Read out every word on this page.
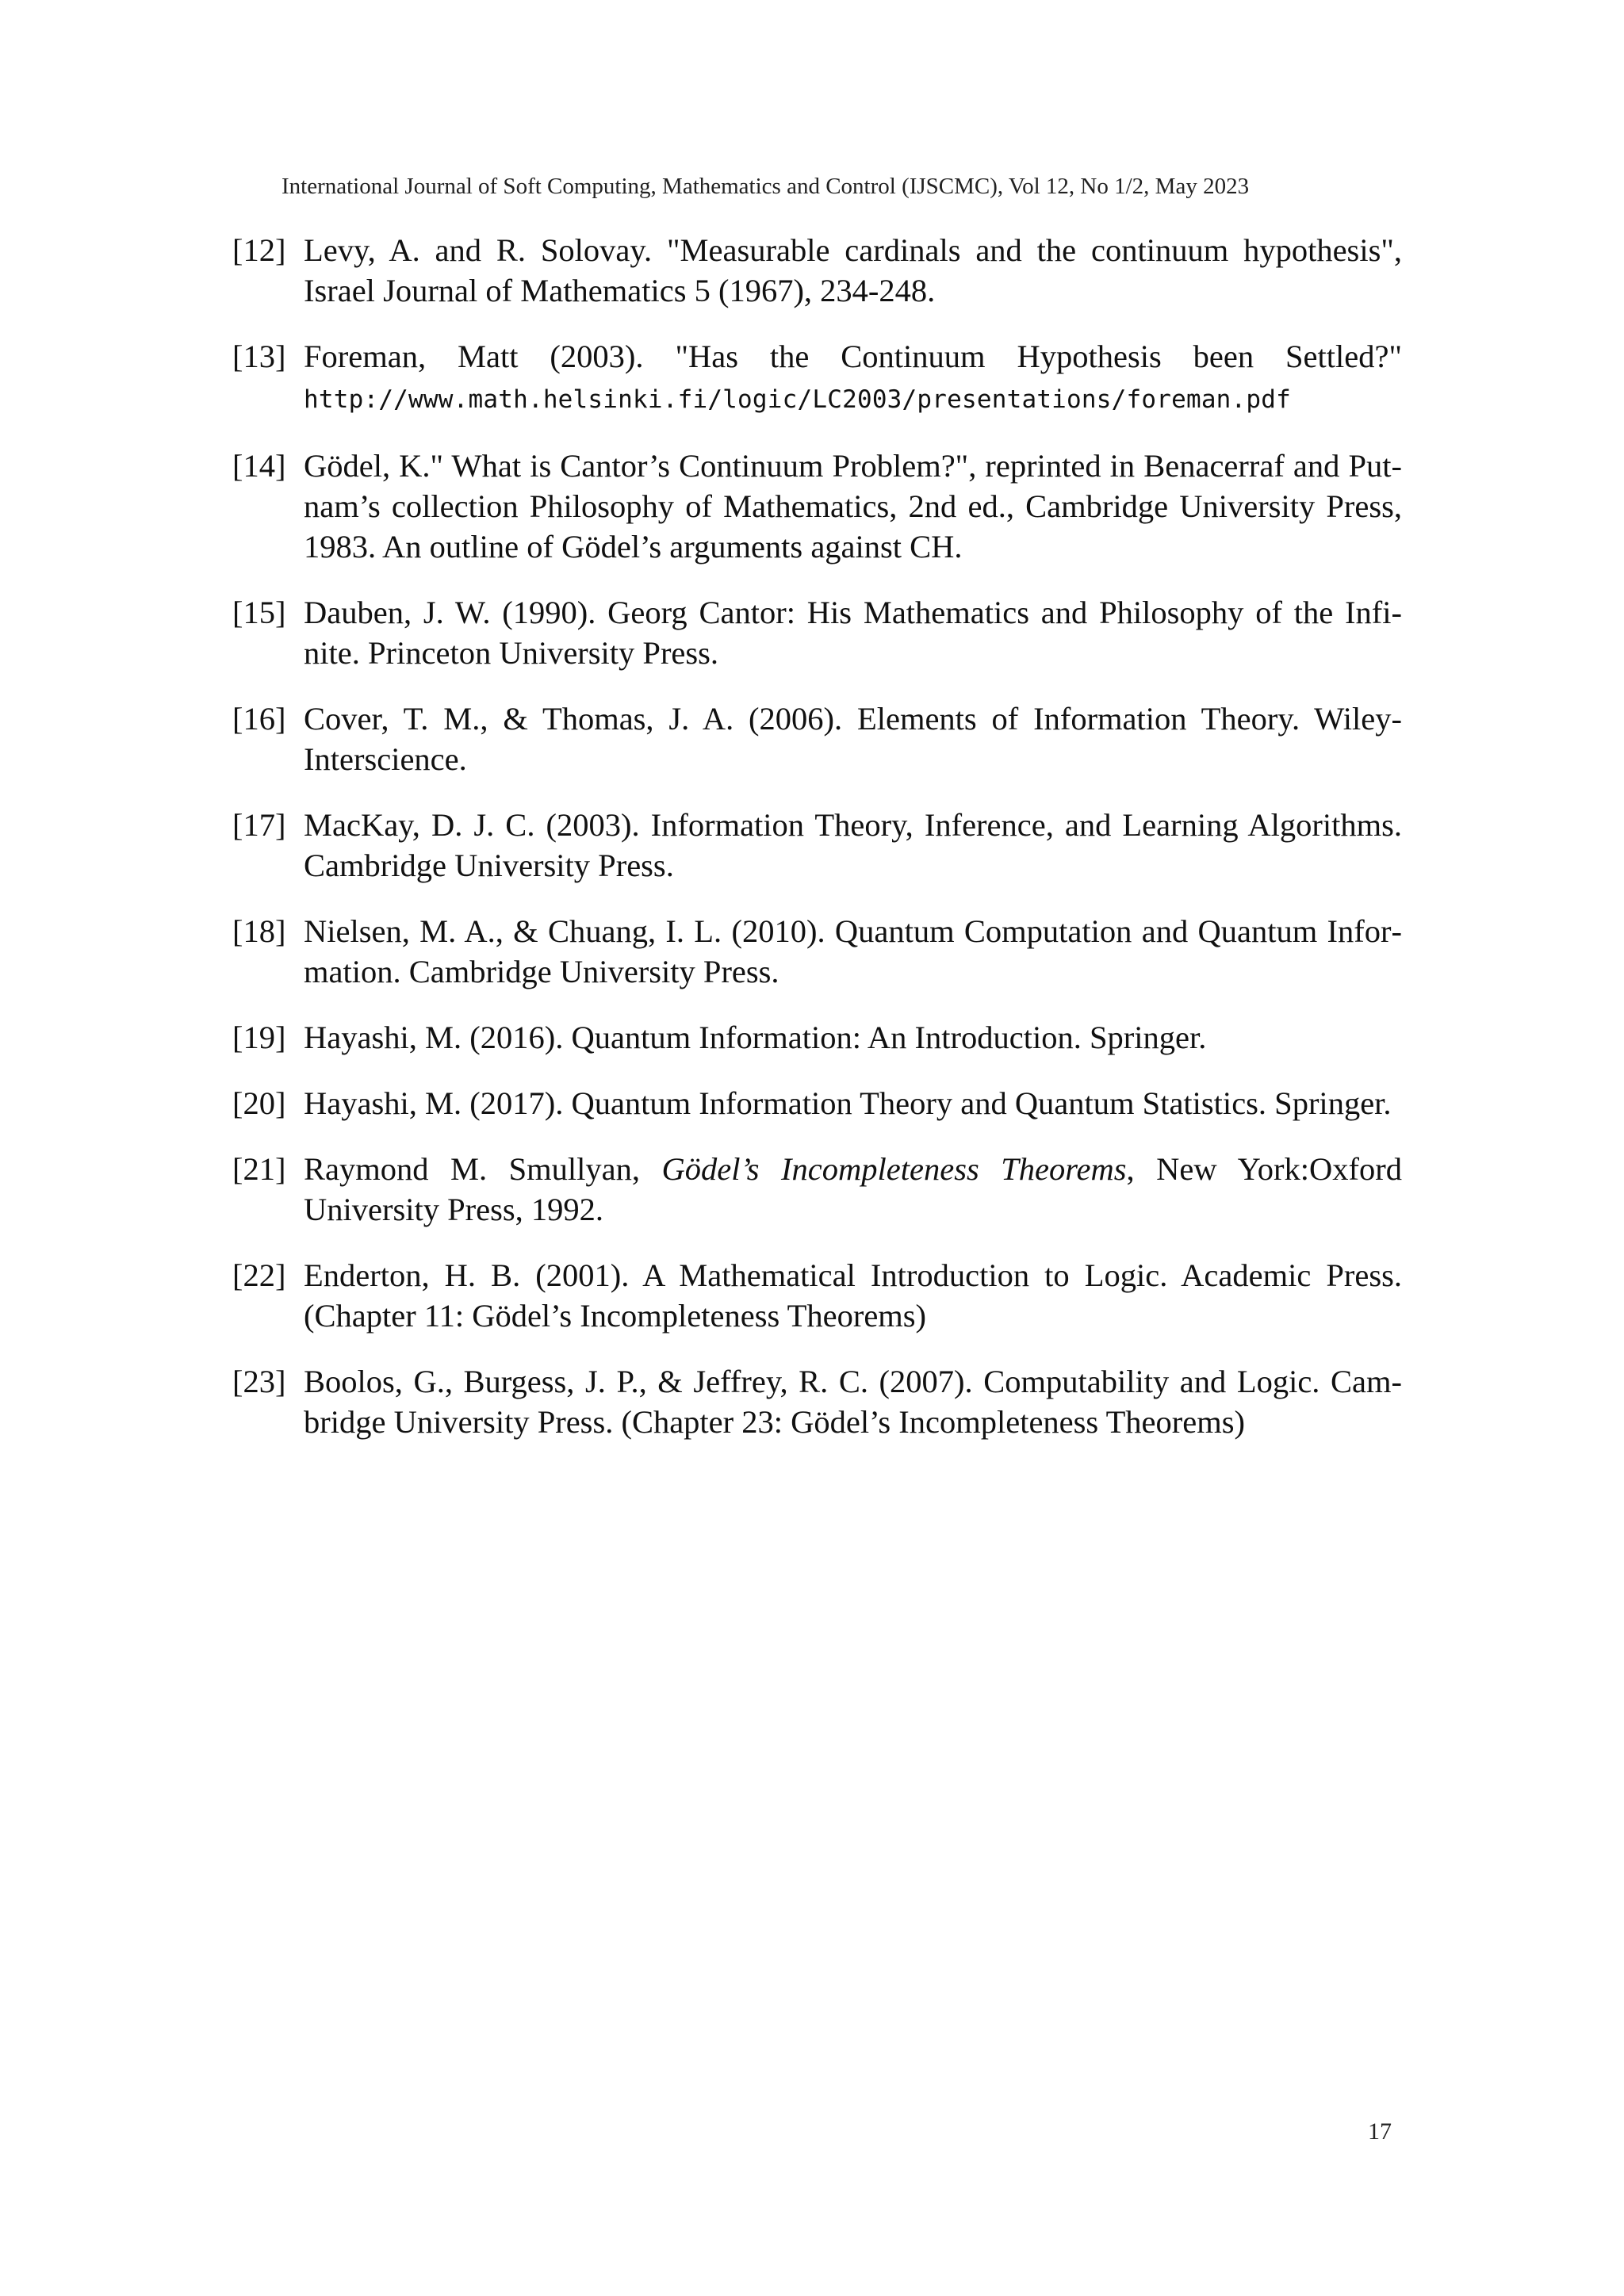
International Journal of Soft Computing, Mathematics and Control (IJSCMC), Vol 12, No 1/2, May 2023
[12] Levy, A. and R. Solovay. "Measurable cardinals and the continuum hypothesis", Israel Journal of Mathematics 5 (1967), 234-248.
[13] Foreman, Matt (2003). "Has the Continuum Hypothesis been Settled?" http://www.math.helsinki.fi/logic/LC2003/presentations/foreman.pdf
[14] Gödel, K." What is Cantor’s Continuum Problem?", reprinted in Benacerraf and Putnam’s collection Philosophy of Mathematics, 2nd ed., Cambridge University Press, 1983. An outline of Gödel’s arguments against CH.
[15] Dauben, J. W. (1990). Georg Cantor: His Mathematics and Philosophy of the Infinite. Princeton University Press.
[16] Cover, T. M., & Thomas, J. A. (2006). Elements of Information Theory. Wiley-Interscience.
[17] MacKay, D. J. C. (2003). Information Theory, Inference, and Learning Algorithms. Cambridge University Press.
[18] Nielsen, M. A., & Chuang, I. L. (2010). Quantum Computation and Quantum Information. Cambridge University Press.
[19] Hayashi, M. (2016). Quantum Information: An Introduction. Springer.
[20] Hayashi, M. (2017). Quantum Information Theory and Quantum Statistics. Springer.
[21] Raymond M. Smullyan, Gödel’s Incompleteness Theorems, New York:Oxford University Press, 1992.
[22] Enderton, H. B. (2001). A Mathematical Introduction to Logic. Academic Press. (Chapter 11: Gödel’s Incompleteness Theorems)
[23] Boolos, G., Burgess, J. P., & Jeffrey, R. C. (2007). Computability and Logic. Cambridge University Press. (Chapter 23: Gödel’s Incompleteness Theorems)
17
